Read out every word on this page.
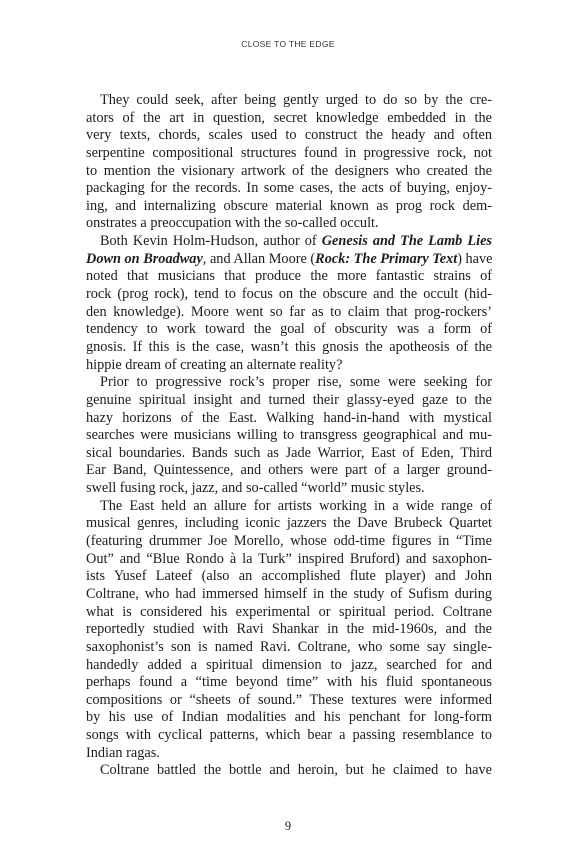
CLOSE TO THE EDGE
They could seek, after being gently urged to do so by the cre-
ators of the art in question, secret knowledge embedded in the
very texts, chords, scales used to construct the heady and often
serpentine compositional structures found in progressive rock, not
to mention the visionary artwork of the designers who created the
packaging for the records. In some cases, the acts of buying, enjoy-
ing, and internalizing obscure material known as prog rock dem-
onstrates a preoccupation with the so-called occult.
Both Kevin Holm-Hudson, author of Genesis and The Lamb Lies
Down on Broadway, and Allan Moore (Rock: The Primary Text) have
noted that musicians that produce the more fantastic strains of
rock (prog rock), tend to focus on the obscure and the occult (hid-
den knowledge). Moore went so far as to claim that prog-rockers’
tendency to work toward the goal of obscurity was a form of
gnosis. If this is the case, wasn’t this gnosis the apotheosis of the
hippie dream of creating an alternate reality?
Prior to progressive rock’s proper rise, some were seeking for
genuine spiritual insight and turned their glassy-eyed gaze to the
hazy horizons of the East. Walking hand-in-hand with mystical
searches were musicians willing to transgress geographical and mu-
sical boundaries. Bands such as Jade Warrior, East of Eden, Third
Ear Band, Quintessence, and others were part of a larger ground-
swell fusing rock, jazz, and so-called “world” music styles.
The East held an allure for artists working in a wide range of
musical genres, including iconic jazzers the Dave Brubeck Quartet
(featuring drummer Joe Morello, whose odd-time figures in “Time
Out” and “Blue Rondo à la Turk” inspired Bruford) and saxophon-
ists Yusef Lateef (also an accomplished flute player) and John
Coltrane, who had immersed himself in the study of Sufism during
what is considered his experimental or spiritual period. Coltrane
reportedly studied with Ravi Shankar in the mid-1960s, and the
saxophonist’s son is named Ravi. Coltrane, who some say single-
handedly added a spiritual dimension to jazz, searched for and
perhaps found a “time beyond time” with his fluid spontaneous
compositions or “sheets of sound.” These textures were informed
by his use of Indian modalities and his penchant for long-form
songs with cyclical patterns, which bear a passing resemblance to
Indian ragas.
Coltrane battled the bottle and heroin, but he claimed to have
9
